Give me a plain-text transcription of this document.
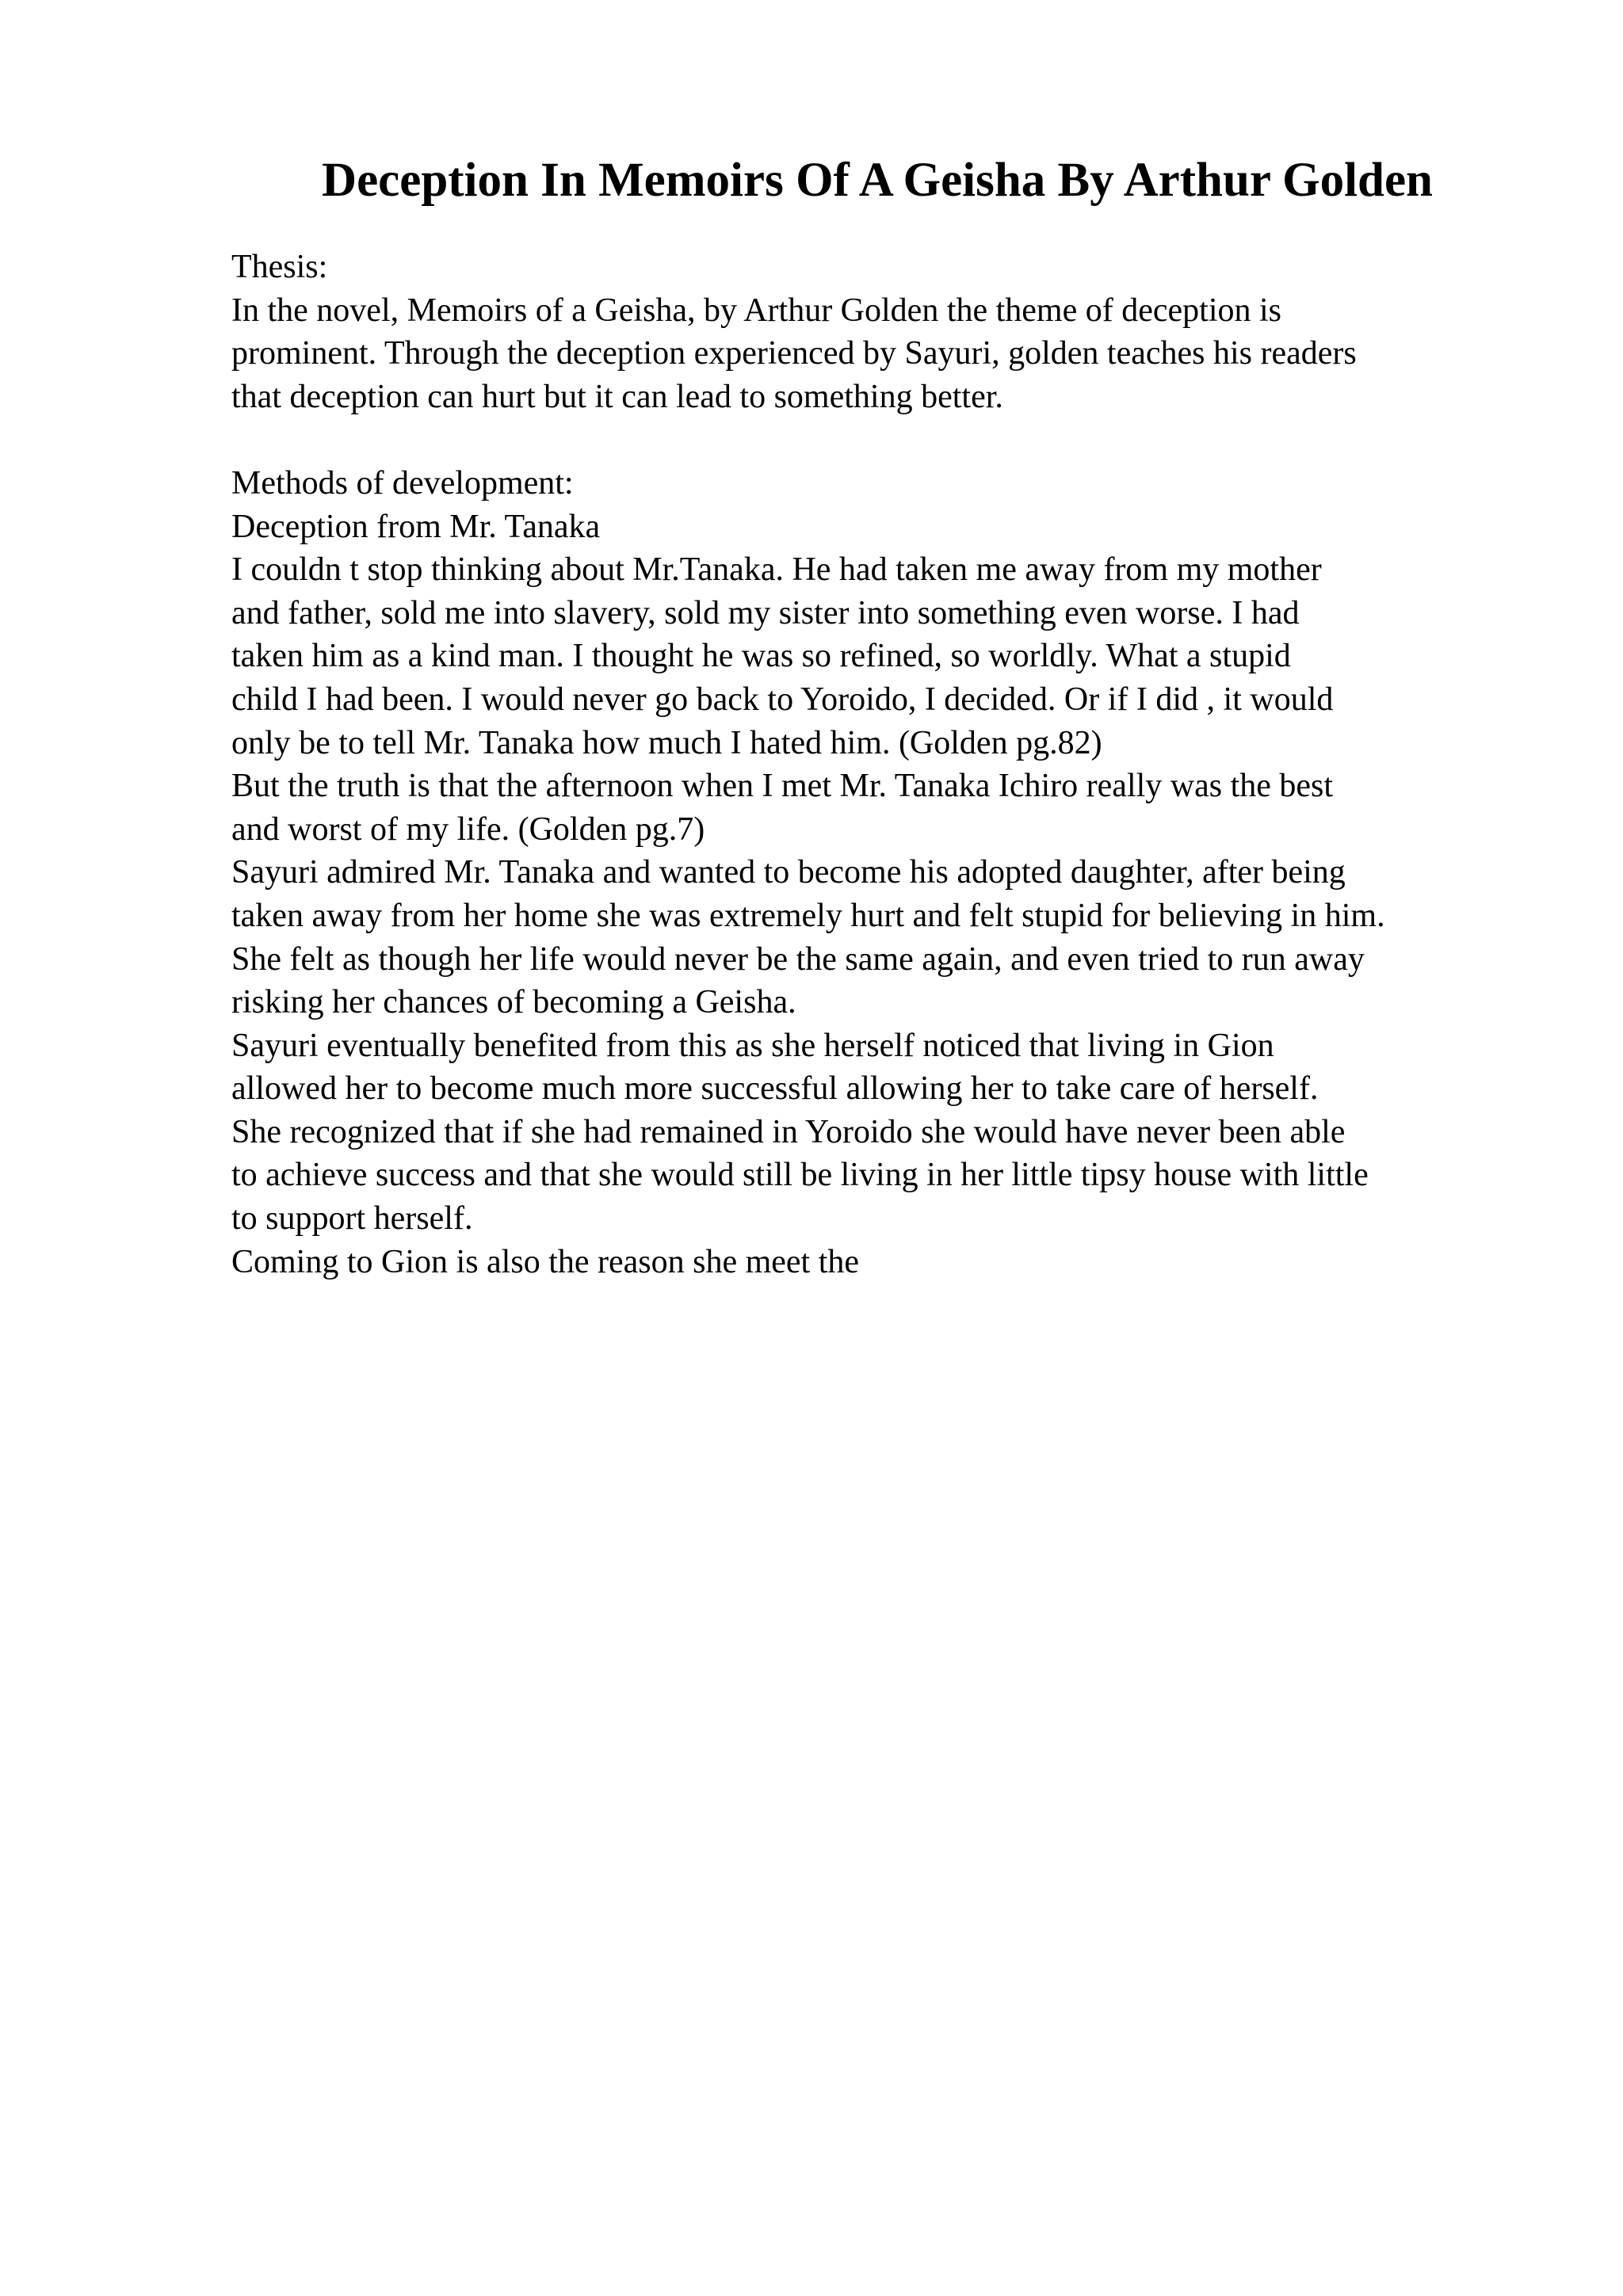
Deception In Memoirs Of A Geisha By Arthur Golden
Thesis:
In the novel, Memoirs of a Geisha, by Arthur Golden the theme of deception is
prominent. Through the deception experienced by Sayuri, golden teaches his readers
that deception can hurt but it can lead to something better.
Methods of development:
Deception from Mr. Tanaka
I couldn t stop thinking about Mr.Tanaka. He had taken me away from my mother
and father, sold me into slavery, sold my sister into something even worse. I had
taken him as a kind man. I thought he was so refined, so worldly. What a stupid
child I had been. I would never go back to Yoroido, I decided. Or if I did , it would
only be to tell Mr. Tanaka how much I hated him. (Golden pg.82)
But the truth is that the afternoon when I met Mr. Tanaka Ichiro really was the best
and worst of my life. (Golden pg.7)
Sayuri admired Mr. Tanaka and wanted to become his adopted daughter, after being
taken away from her home she was extremely hurt and felt stupid for believing in him.
She felt as though her life would never be the same again, and even tried to run away
risking her chances of becoming a Geisha.
Sayuri eventually benefited from this as she herself noticed that living in Gion
allowed her to become much more successful allowing her to take care of herself.
She recognized that if she had remained in Yoroido she would have never been able
to achieve success and that she would still be living in her little tipsy house with little
to support herself.
Coming to Gion is also the reason she meet the
